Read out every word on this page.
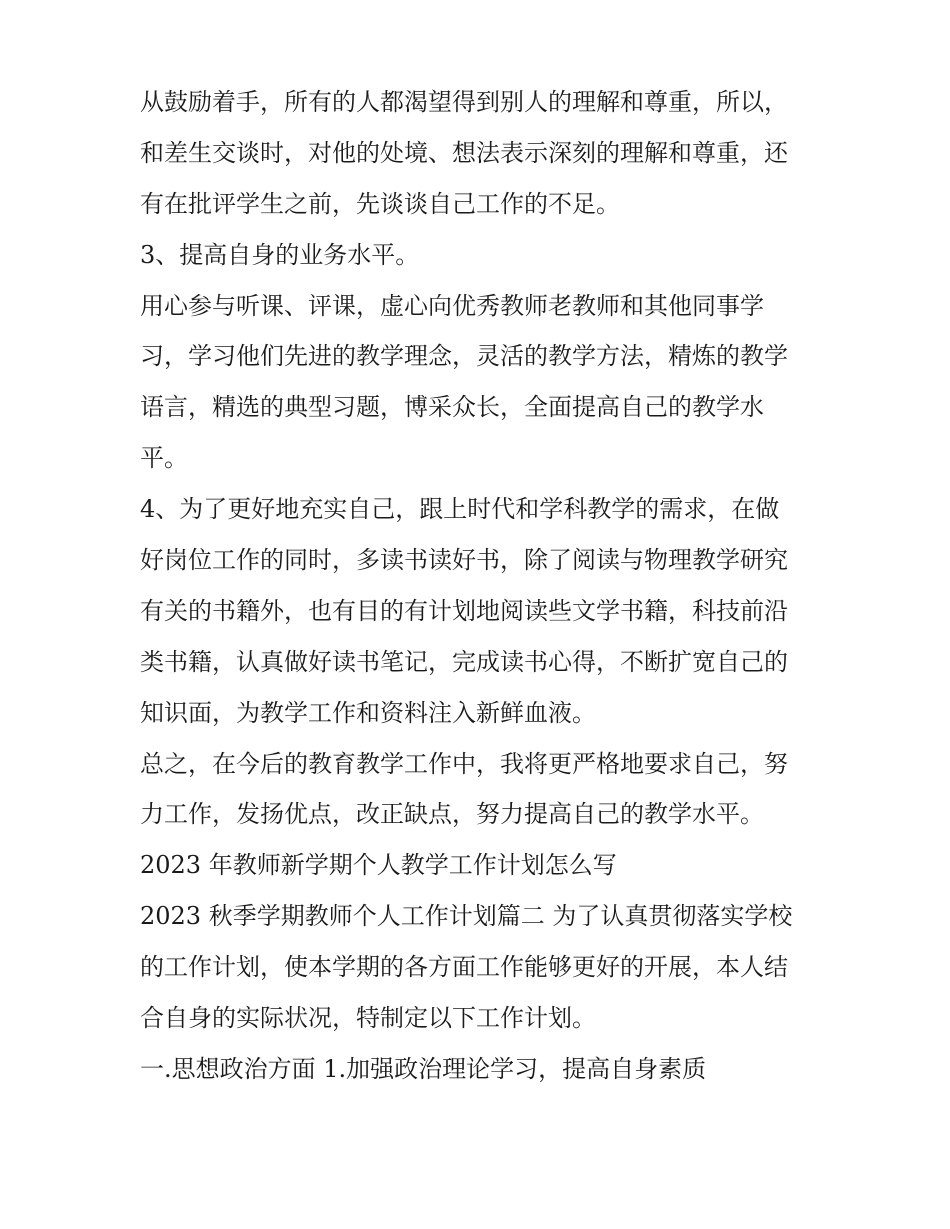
从鼓励着手，所有的人都渴望得到别人的理解和尊重，所以，
和差生交谈时，对他的处境、想法表示深刻的理解和尊重，还
有在批评学生之前，先谈谈自己工作的不足。
3、提高自身的业务水平。
用心参与听课、评课，虚心向优秀教师老教师和其他同事学
习，学习他们先进的教学理念，灵活的教学方法，精炼的教学
语言，精选的典型习题，博采众长，全面提高自己的教学水
平。
4、为了更好地充实自己，跟上时代和学科教学的需求，在做
好岗位工作的同时，多读书读好书，除了阅读与物理教学研究
有关的书籍外，也有目的有计划地阅读些文学书籍，科技前沿
类书籍，认真做好读书笔记，完成读书心得，不断扩宽自己的
知识面，为教学工作和资料注入新鲜血液。
总之，在今后的教育教学工作中，我将更严格地要求自己，努
力工作，发扬优点，改正缺点，努力提高自己的教学水平。
2023 年教师新学期个人教学工作计划怎么写
2023 秋季学期教师个人工作计划篇二 为了认真贯彻落实学校
的工作计划，使本学期的各方面工作能够更好的开展，本人结
合自身的实际状况，特制定以下工作计划。
一.思想政治方面 1.加强政治理论学习，提高自身素质
